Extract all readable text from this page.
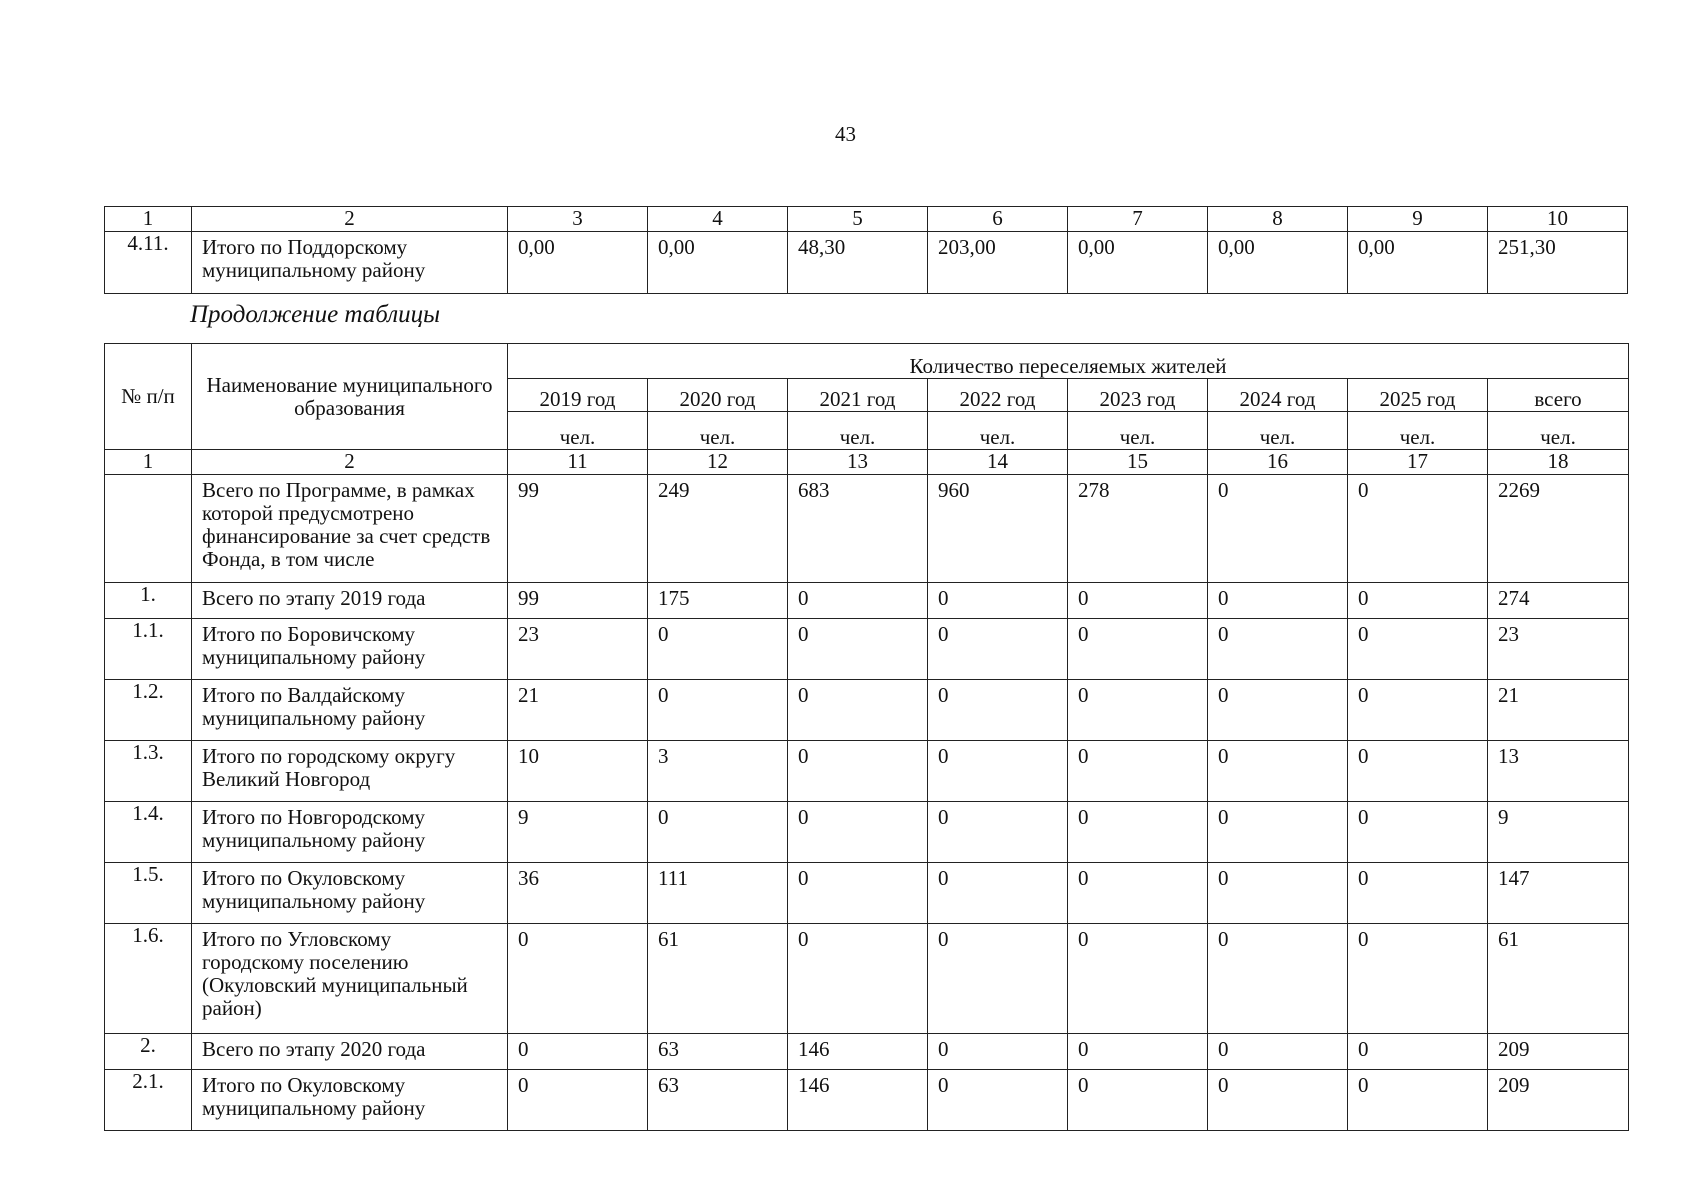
43
1	2	3	4	5	6	7	8	9	10
4.11.	Итого по Поддорскому муниципальному району	0,00	0,00	48,30	203,00	0,00	0,00	0,00	251,30
Продолжение таблицы
№ п/п	Наименование муниципального образования	Количество переселяемых жителей							
		2019 год	2020 год	2021 год	2022 год	2023 год	2024 год	2025 год	всего
		чел.	чел.	чел.	чел.	чел.	чел.	чел.	чел.
1	2	11	12	13	14	15	16	17	18
	Всего по Программе, в рамках которой предусмотрено финансирование за счет средств Фонда, в том числе	99	249	683	960	278	0	0	2269
1.	Всего по этапу 2019 года	99	175	0	0	0	0	0	274
1.1.	Итого по Боровичскому муниципальному району	23	0	0	0	0	0	0	23
1.2.	Итого по Валдайскому муниципальному району	21	0	0	0	0	0	0	21
1.3.	Итого по городскому округу Великий Новгород	10	3	0	0	0	0	0	13
1.4.	Итого по Новгородскому муниципальному району	9	0	0	0	0	0	0	9
1.5.	Итого по Окуловскому муниципальному району	36	111	0	0	0	0	0	147
1.6.	Итого по Угловскому городскому поселению (Окуловский муниципальный район)	0	61	0	0	0	0	0	61
2.	Всего по этапу 2020 года	0	63	146	0	0	0	0	209
2.1.	Итого по Окуловскому муниципальному району	0	63	146	0	0	0	0	209
